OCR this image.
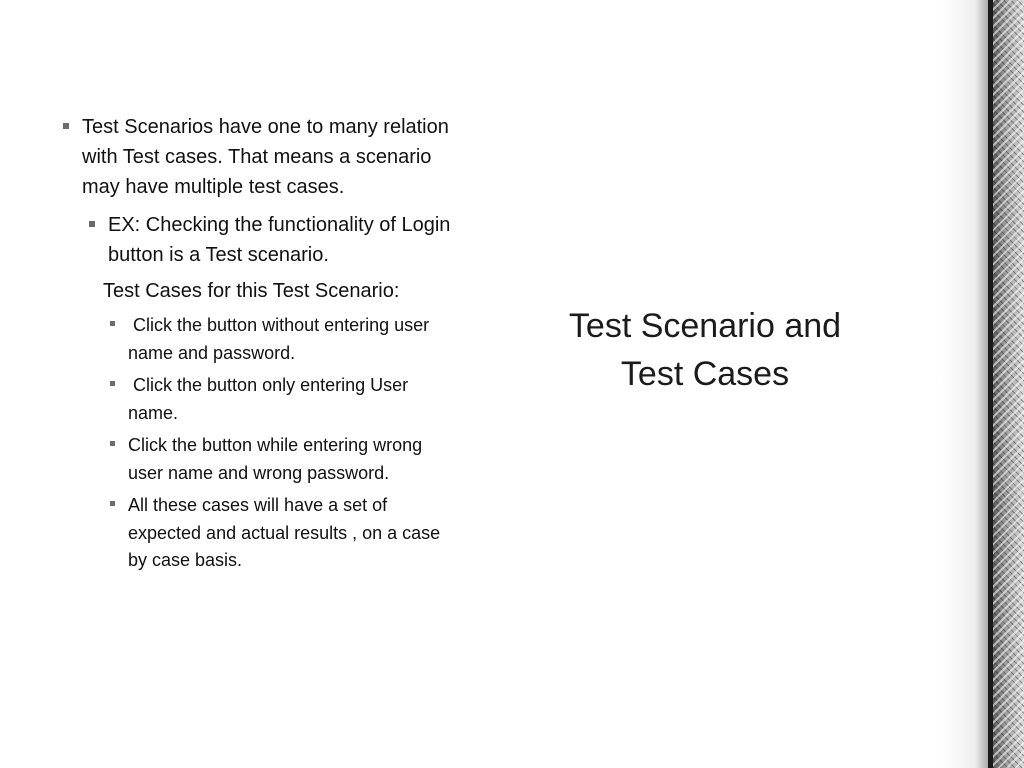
Test Scenarios have one to many relation with Test cases. That means a scenario may have multiple test cases.
EX: Checking the functionality of Login button is a Test scenario.
Test Cases for this Test Scenario:
Click the button without entering user name and password.
Click the button only entering User name.
Click the button while entering wrong user name and wrong password.
All these cases will have a set of expected and actual results , on a case by case basis.
Test Scenario and Test Cases
